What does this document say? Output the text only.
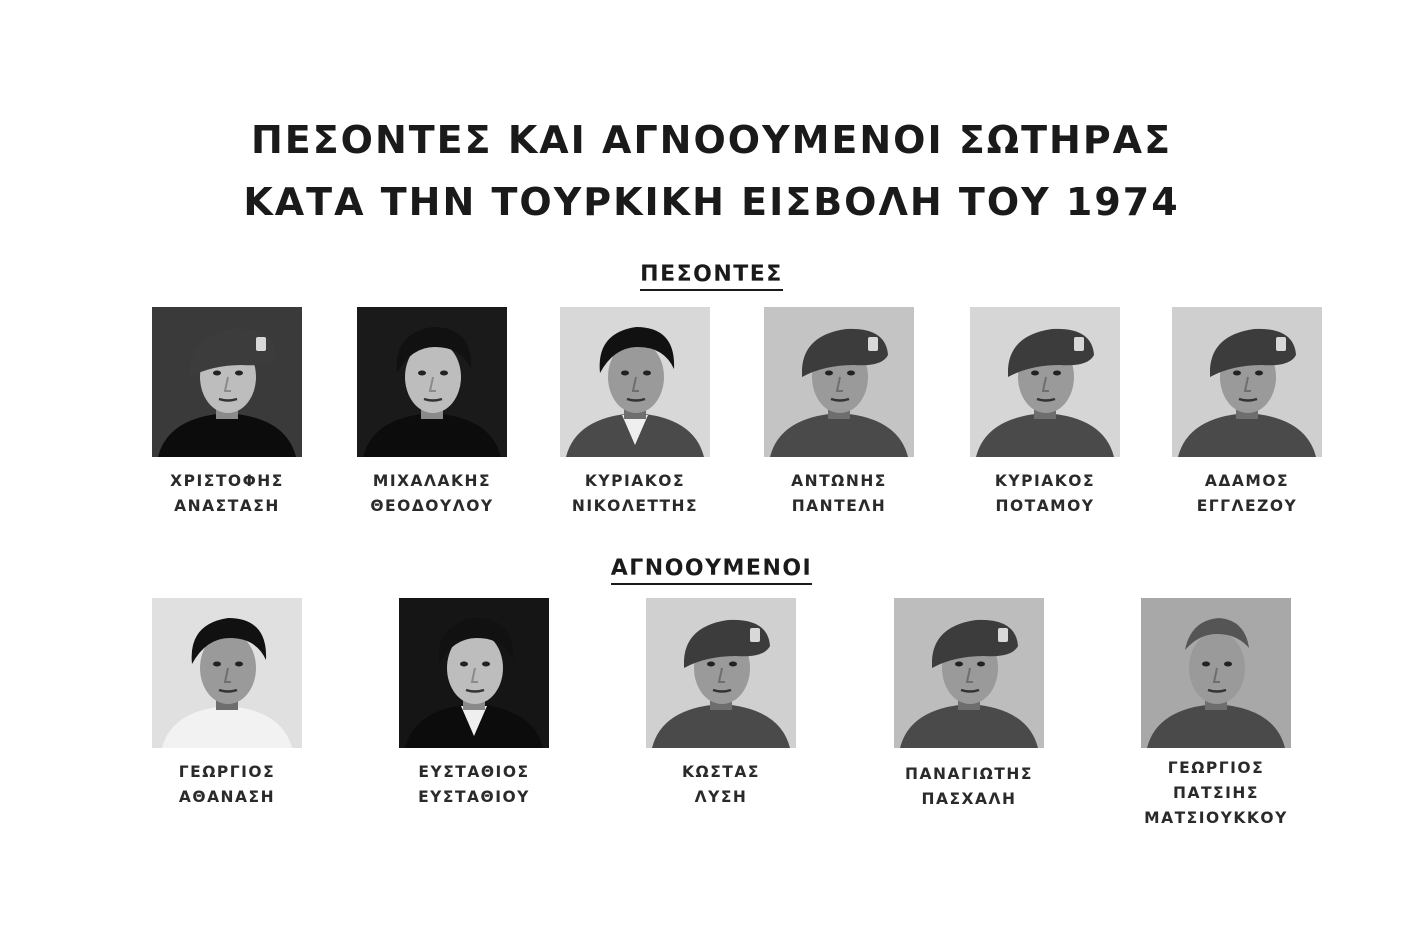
ΠΕΣΟΝΤΕΣ ΚΑΙ ΑΓΝΟΟΥΜΕΝΟΙ ΣΩΤΗΡΑΣ
ΚΑΤΑ ΤΗΝ ΤΟΥΡΚΙΚΗ ΕΙΣΒΟΛΗ ΤΟΥ 1974
ΠΕΣΟΝΤΕΣ
ΑΓΝΟΟΥΜΕΝΟΙ
ΧΡΙΣΤΟΦΗΣ
ΑΝΑΣΤΑΣΗ
ΜΙΧΑΛΑΚΗΣ
ΘΕΟΔΟΥΛΟΥ
ΚΥΡΙΑΚΟΣ
ΝΙΚΟΛΕΤΤΗΣ
ΑΝΤΩΝΗΣ
ΠΑΝΤΕΛΗ
ΚΥΡΙΑΚΟΣ
ΠΟΤΑΜΟΥ
ΑΔΑΜΟΣ
ΕΓΓΛΕΖΟΥ
ΓΕΩΡΓΙΟΣ
ΑΘΑΝΑΣΗ
ΕΥΣΤΑΘΙΟΣ
ΕΥΣΤΑΘΙΟΥ
ΚΩΣΤΑΣ
ΛΥΣΗ
ΠΑΝΑΓΙΩΤΗΣ
ΠΑΣΧΑΛΗ
ΓΕΩΡΓΙΟΣ
ΠΑΤΣΙΗΣ
ΜΑΤΣΙΟΥΚΚΟΥ
